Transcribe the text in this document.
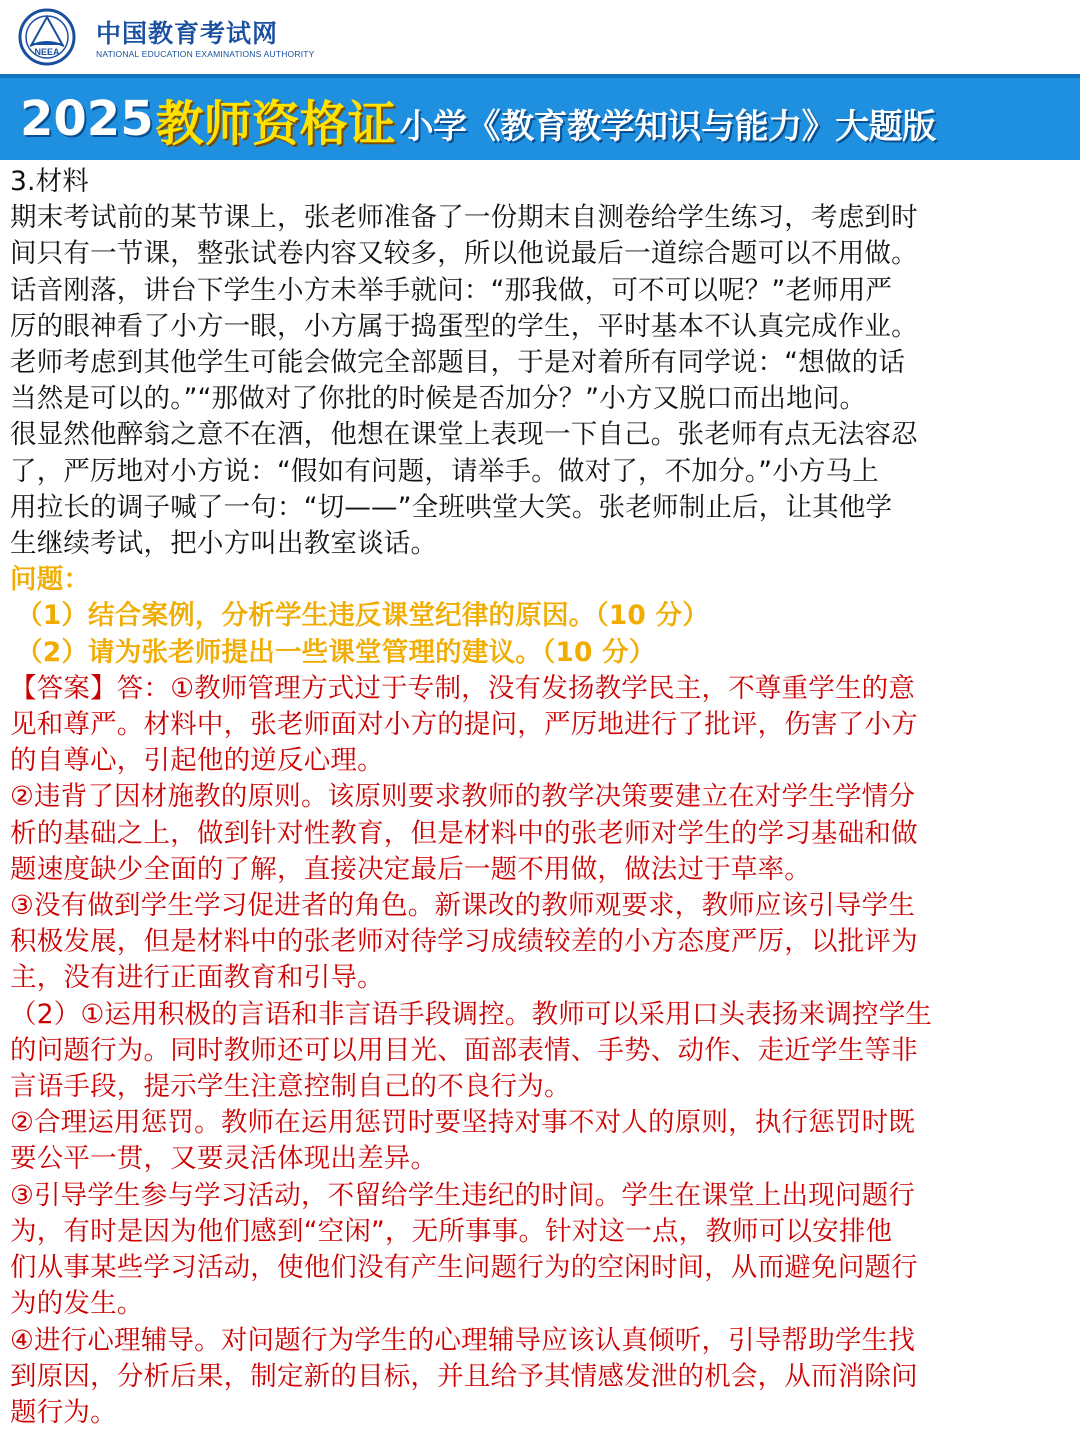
NEEA
中国教育考试网
NATIONAL EDUCATION EXAMINATIONS AUTHORITY
2025 教师资格证 小学《教育教学知识与能力》大题版
3.材料
期末考试前的某节课上，张老师准备了一份期末自测卷给学生练习，考虑到时
间只有一节课，整张试卷内容又较多，所以他说最后一道综合题可以不用做。
话音刚落，讲台下学生小方未举手就问：“那我做，可不可以呢？”老师用严
厉的眼神看了小方一眼，小方属于捣蛋型的学生，平时基本不认真完成作业。
老师考虑到其他学生可能会做完全部题目，于是对着所有同学说：“想做的话
当然是可以的。”“那做对了你批的时候是否加分？”小方又脱口而出地问。
很显然他醉翁之意不在酒，他想在课堂上表现一下自己。张老师有点无法容忍
了，严厉地对小方说：“假如有问题，请举手。做对了，不加分。”小方马上
用拉长的调子喊了一句：“切——”全班哄堂大笑。张老师制止后，让其他学
生继续考试，把小方叫出教室谈话。
问题：
（1）结合案例，分析学生违反课堂纪律的原因。（10 分）
（2）请为张老师提出一些课堂管理的建议。（10 分）
【答案】答：①教师管理方式过于专制，没有发扬教学民主，不尊重学生的意
见和尊严。材料中，张老师面对小方的提问，严厉地进行了批评，伤害了小方
的自尊心，引起他的逆反心理。
②违背了因材施教的原则。该原则要求教师的教学决策要建立在对学生学情分
析的基础之上，做到针对性教育，但是材料中的张老师对学生的学习基础和做
题速度缺少全面的了解，直接决定最后一题不用做，做法过于草率。
③没有做到学生学习促进者的角色。新课改的教师观要求，教师应该引导学生
积极发展，但是材料中的张老师对待学习成绩较差的小方态度严厉，以批评为
主，没有进行正面教育和引导。
（2）①运用积极的言语和非言语手段调控。教师可以采用口头表扬来调控学生
的问题行为。同时教师还可以用目光、面部表情、手势、动作、走近学生等非
言语手段，提示学生注意控制自己的不良行为。
②合理运用惩罚。教师在运用惩罚时要坚持对事不对人的原则，执行惩罚时既
要公平一贯，又要灵活体现出差异。
③引导学生参与学习活动，不留给学生违纪的时间。学生在课堂上出现问题行
为，有时是因为他们感到“空闲”，无所事事。针对这一点，教师可以安排他
们从事某些学习活动，使他们没有产生问题行为的空闲时间，从而避免问题行
为的发生。
④进行心理辅导。对问题行为学生的心理辅导应该认真倾听，引导帮助学生找
到原因，分析后果，制定新的目标，并且给予其情感发泄的机会，从而消除问
题行为。
